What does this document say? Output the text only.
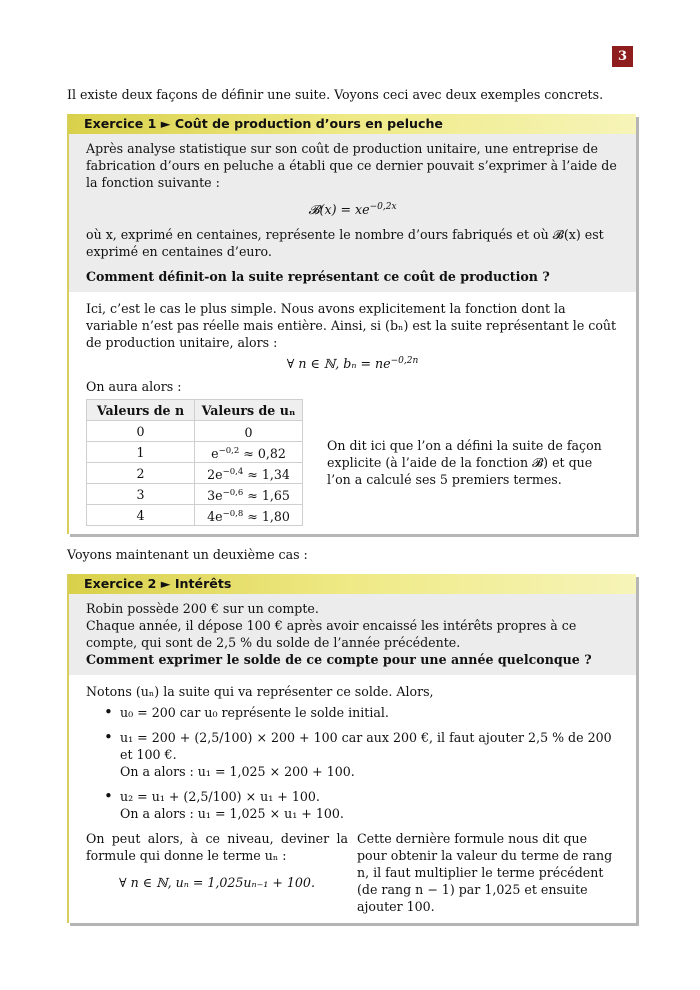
3

Il existe deux façons de définir une suite. Voyons ceci avec deux exemples concrets.

Exercice 1 ► Coût de production d’ours en peluche

Après analyse statistique sur son coût de production unitaire, une entreprise de fabrication d’ours en peluche a établi que ce dernier pouvait s’exprimer à l’aide de la fonction suivante :

𝓑(x) = $xe^{-0,2x}$

où x, exprimé en centaines, représente le nombre d’ours fabriqués et où 𝓑(x) est exprimé en centaines d’euro.

Comment définit-on la suite représentant ce coût de production ?

Ici, c’est le cas le plus simple. Nous avons explicitement la fonction dont la variable n’est pas réelle mais entière. Ainsi, si (bₙ) est la suite représentant le coût de production unitaire, alors :

∀ n ∈ ℕ, $b_n = ne^{-0,2n}$

On aura alors :

Valeurs de n	Valeurs de uₙ
0	0
1	$e^{-0,2} \approx 0,82$
2	$2e^{-0,4} \approx 1,34$
3	$3e^{-0,6} \approx 1,65$
4	$4e^{-0,8} \approx 1,80$

On dit ici que l’on a défini la suite de façon explicite (à l’aide de la fonction 𝓑) et que l’on a calculé ses 5 premiers termes.

Voyons maintenant un deuxième cas :

Exercice 2 ► Intérêts

Robin possède 200 € sur un compte.

Chaque année, il dépose 100 € après avoir encaissé les intérêts propres à ce compte, qui sont de 2,5 % du solde de l’année précédente.

Comment exprimer le solde de ce compte pour une année quelconque ?

Notons (uₙ) la suite qui va représenter ce solde. Alors,

• u₀ = 200 car u₀ représente le solde initial.
• u₁ = 200 + (2,5/100) × 200 + 100 car aux 200 €, il faut ajouter 2,5 % de 200 et 100 €.
On a alors : u₁ = 1,025 × 200 + 100.
• u₂ = u₁ + (2,5/100) × u₁ + 100.
On a alors : u₁ = 1,025 × u₁ + 100.

On peut alors, à ce niveau, deviner la formule qui donne le terme uₙ :

∀ n ∈ ℕ, uₙ = 1,025uₙ₋₁ + 100.

Cette dernière formule nous dit que pour obtenir la valeur du terme de rang n, il faut multiplier le terme précédent (de rang n − 1) par 1,025 et ensuite ajouter 100.
